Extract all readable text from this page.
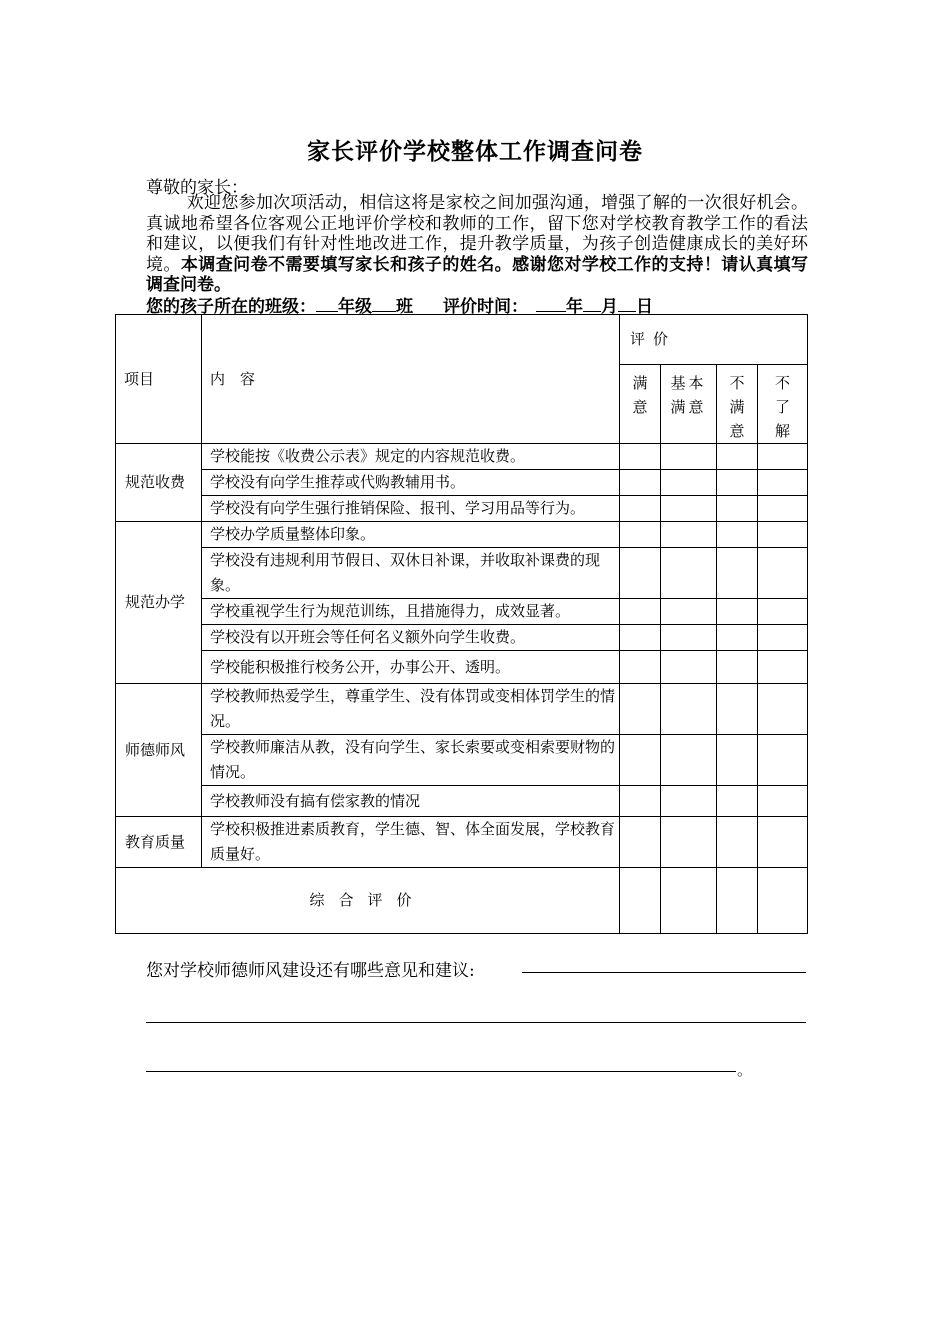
家长评价学校整体工作调查问卷
尊敬的家长：

欢迎您参加次项活动，相信这将是家校之间加强沟通，增强了解的一次很好机会。真诚地希望各位客观公正地评价学校和教师的工作，留下您对学校教育教学工作的看法和建议，以便我们有针对性地改进工作，提升教学质量，为孩子创造健康成长的美好环境。本调查问卷不需要填写家长和孩子的姓名。感谢您对学校工作的支持！请认真填写调查问卷。

您的孩子所在的班级： 年级 班 评价时间： 年 月 日
项目	内　容	评价			

		满意	基本满意	不满意	不了解

规范收费	学校能按《收费公示表》规定的内容规范收费。				
	学校没有向学生推荐或代购教辅用书。				
	学校没有向学生强行推销保险、报刊、学习用品等行为。				
规范办学	学校办学质量整体印象。				
	学校没有违规利用节假日、双休日补课，并收取补课费的现象。				
	学校重视学生行为规范训练，且措施得力，成效显著。				
	学校没有以开班会等任何名义额外向学生收费。				
	学校能积极推行校务公开，办事公开、透明。				
师德师风	学校教师热爱学生，尊重学生、没有体罚或变相体罚学生的情况。				
	学校教师廉洁从教，没有向学生、家长索要或变相索要财物的情况。				
	学校教师没有搞有偿家教的情况				
教育质量	学校积极推进素质教育，学生德、智、体全面发展，学校教育质量好。				
综合评价					
您对学校师德师风建设还有哪些意见和建议:
。
